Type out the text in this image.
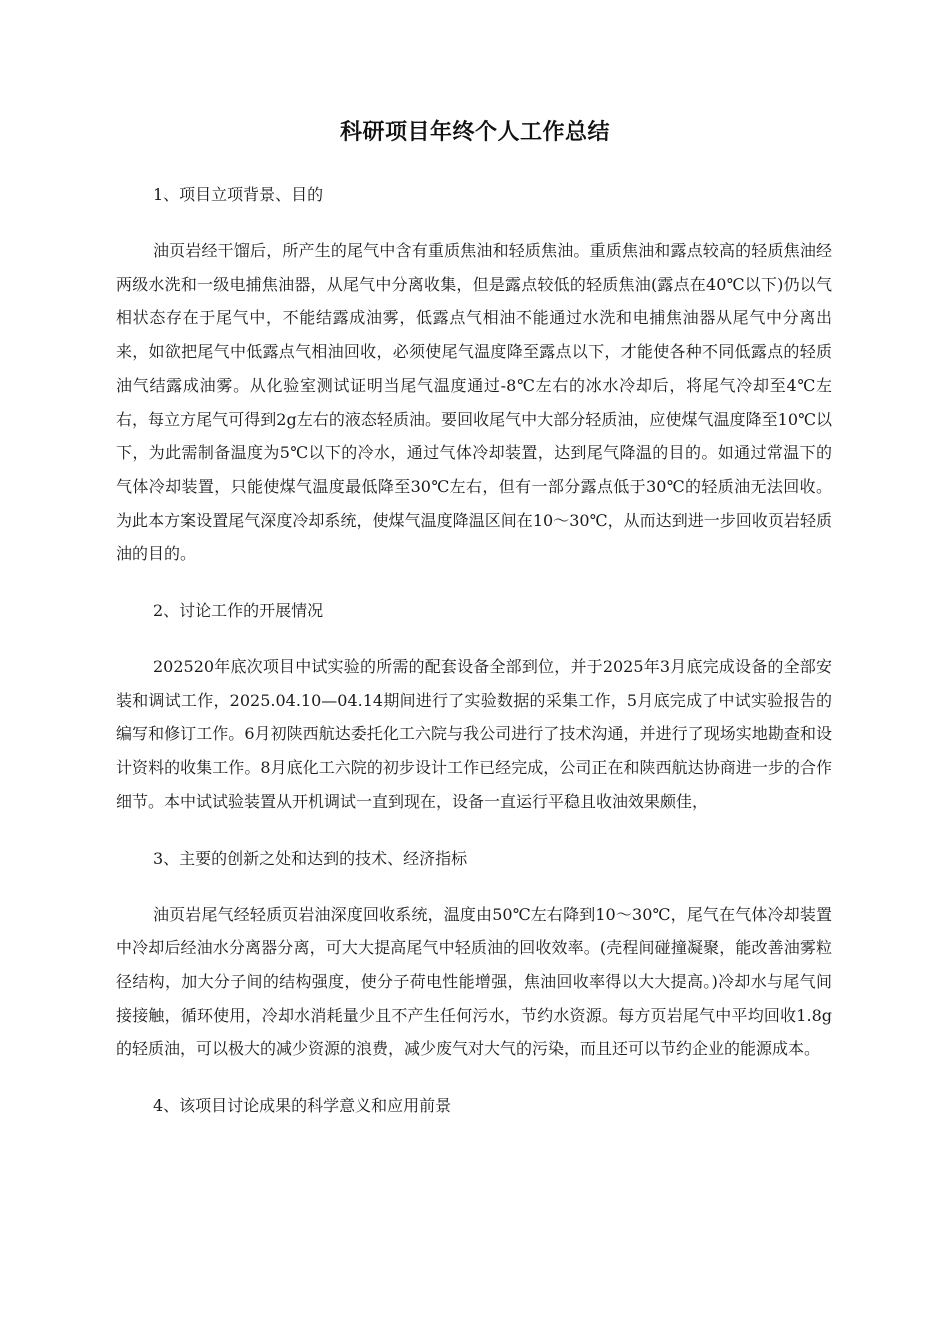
科研项目年终个人工作总结
1、项目立项背景、目的

油页岩经干馏后，所产生的尾气中含有重质焦油和轻质焦油。重质焦油和露点较高的轻质焦油经两级水洗和一级电捕焦油器，从尾气中分离收集，但是露点较低的轻质焦油(露点在40℃以下)仍以气相状态存在于尾气中，不能结露成油雾，低露点气相油不能通过水洗和电捕焦油器从尾气中分离出来，如欲把尾气中低露点气相油回收，必须使尾气温度降至露点以下，才能使各种不同低露点的轻质油气结露成油雾。从化验室测试证明当尾气温度通过-8℃左右的冰水冷却后，将尾气冷却至4℃左右，每立方尾气可得到2g左右的液态轻质油。要回收尾气中大部分轻质油，应使煤气温度降至10℃以下，为此需制备温度为5℃以下的冷水，通过气体冷却装置，达到尾气降温的目的。如通过常温下的气体冷却装置，只能使煤气温度最低降至30℃左右，但有一部分露点低于30℃的轻质油无法回收。为此本方案设置尾气深度冷却系统，使煤气温度降温区间在10～30℃，从而达到进一步回收页岩轻质油的目的。

2、讨论工作的开展情况

202520年底次项目中试实验的所需的配套设备全部到位，并于2025年3月底完成设备的全部安装和调试工作，2025.04.10—04.14期间进行了实验数据的采集工作，5月底完成了中试实验报告的编写和修订工作。6月初陕西航达委托化工六院与我公司进行了技术沟通，并进行了现场实地勘查和设计资料的收集工作。8月底化工六院的初步设计工作已经完成，公司正在和陕西航达协商进一步的合作细节。本中试试验装置从开机调试一直到现在，设备一直运行平稳且收油效果颇佳，

3、主要的创新之处和达到的技术、经济指标

油页岩尾气经轻质页岩油深度回收系统，温度由50℃左右降到10～30℃，尾气在气体冷却装置中冷却后经油水分离器分离，可大大提高尾气中轻质油的回收效率。(壳程间碰撞凝聚，能改善油雾粒径结构，加大分子间的结构强度，使分子荷电性能增强，焦油回收率得以大大提高。)冷却水与尾气间接接触，循环使用，冷却水消耗量少且不产生任何污水，节约水资源。每方页岩尾气中平均回收1.8g的轻质油，可以极大的减少资源的浪费，减少废气对大气的污染，而且还可以节约企业的能源成本。

4、该项目讨论成果的科学意义和应用前景
